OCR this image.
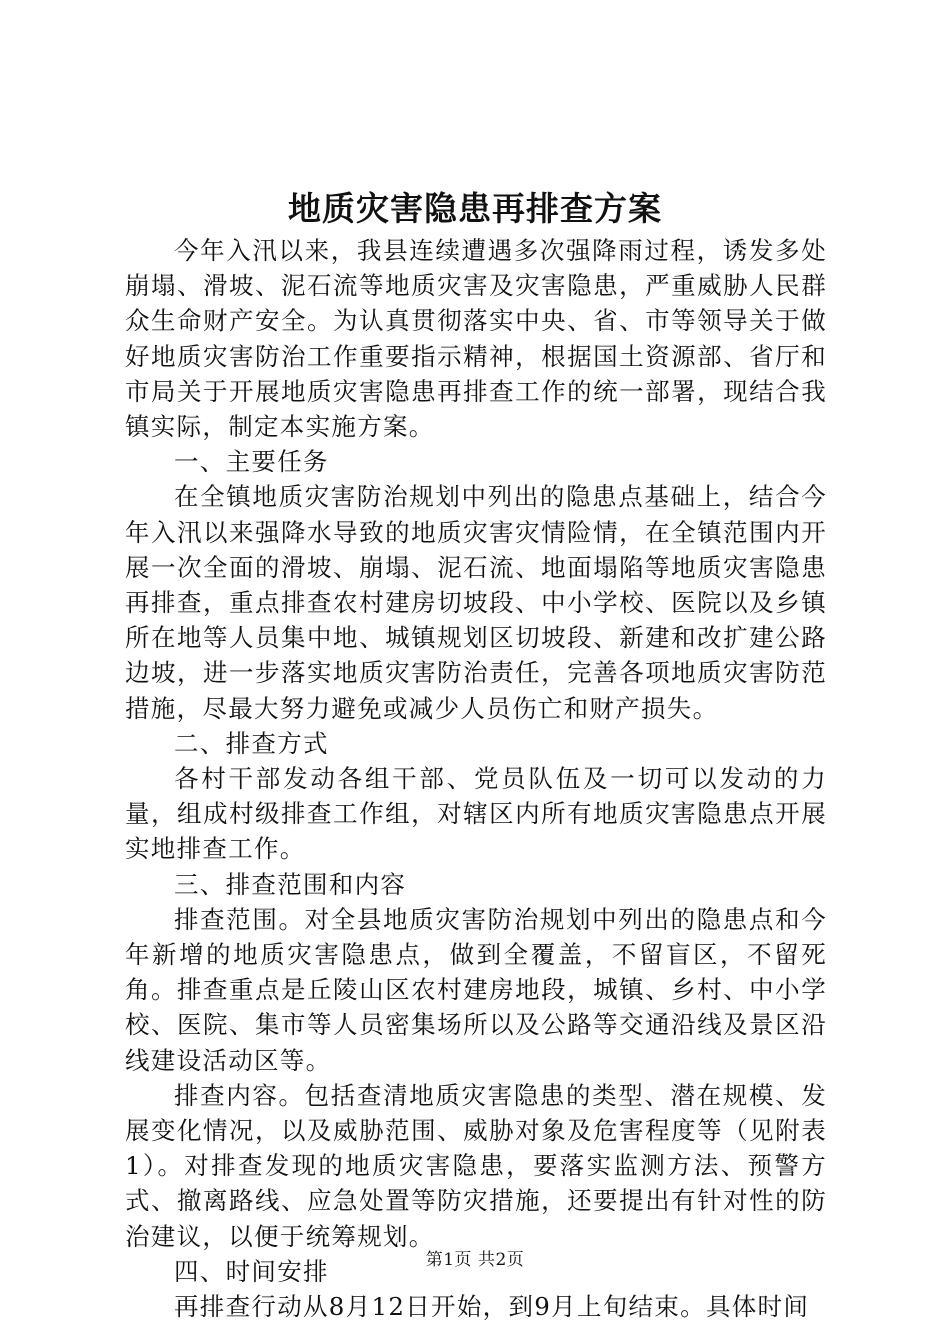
地质灾害隐患再排查方案

今年入汛以来，我县连续遭遇多次强降雨过程，诱发多处崩塌、滑坡、泥石流等地质灾害及灾害隐患，严重威胁人民群众生命财产安全。为认真贯彻落实中央、省、市等领导关于做好地质灾害防治工作重要指示精神，根据国土资源部、省厅和市局关于开展地质灾害隐患再排查工作的统一部署，现结合我镇实际，制定本实施方案。

一、主要任务

在全镇地质灾害防治规划中列出的隐患点基础上，结合今年入汛以来强降水导致的地质灾害灾情险情，在全镇范围内开展一次全面的滑坡、崩塌、泥石流、地面塌陷等地质灾害隐患再排查，重点排查农村建房切坡段、中小学校、医院以及乡镇所在地等人员集中地、城镇规划区切坡段、新建和改扩建公路边坡，进一步落实地质灾害防治责任，完善各项地质灾害防范措施，尽最大努力避免或减少人员伤亡和财产损失。

二、排查方式

各村干部发动各组干部、党员队伍及一切可以发动的力量，组成村级排查工作组，对辖区内所有地质灾害隐患点开展实地排查工作。

三、排查范围和内容

排查范围。对全县地质灾害防治规划中列出的隐患点和今年新增的地质灾害隐患点，做到全覆盖，不留盲区，不留死角。排查重点是丘陵山区农村建房地段，城镇、乡村、中小学校、医院、集市等人员密集场所以及公路等交通沿线及景区沿线建设活动区等。

排查内容。包括查清地质灾害隐患的类型、潜在规模、发展变化情况，以及威胁范围、威胁对象及危害程度等（见附表1）。对排查发现的地质灾害隐患，要落实监测方法、预警方式、撤离路线、应急处置等防灾措施，还要提出有针对性的防治建议，以便于统筹规划。

四、时间安排

再排查行动从8月12日开始，到9月上旬结束。具体时间

第1页 共2页
